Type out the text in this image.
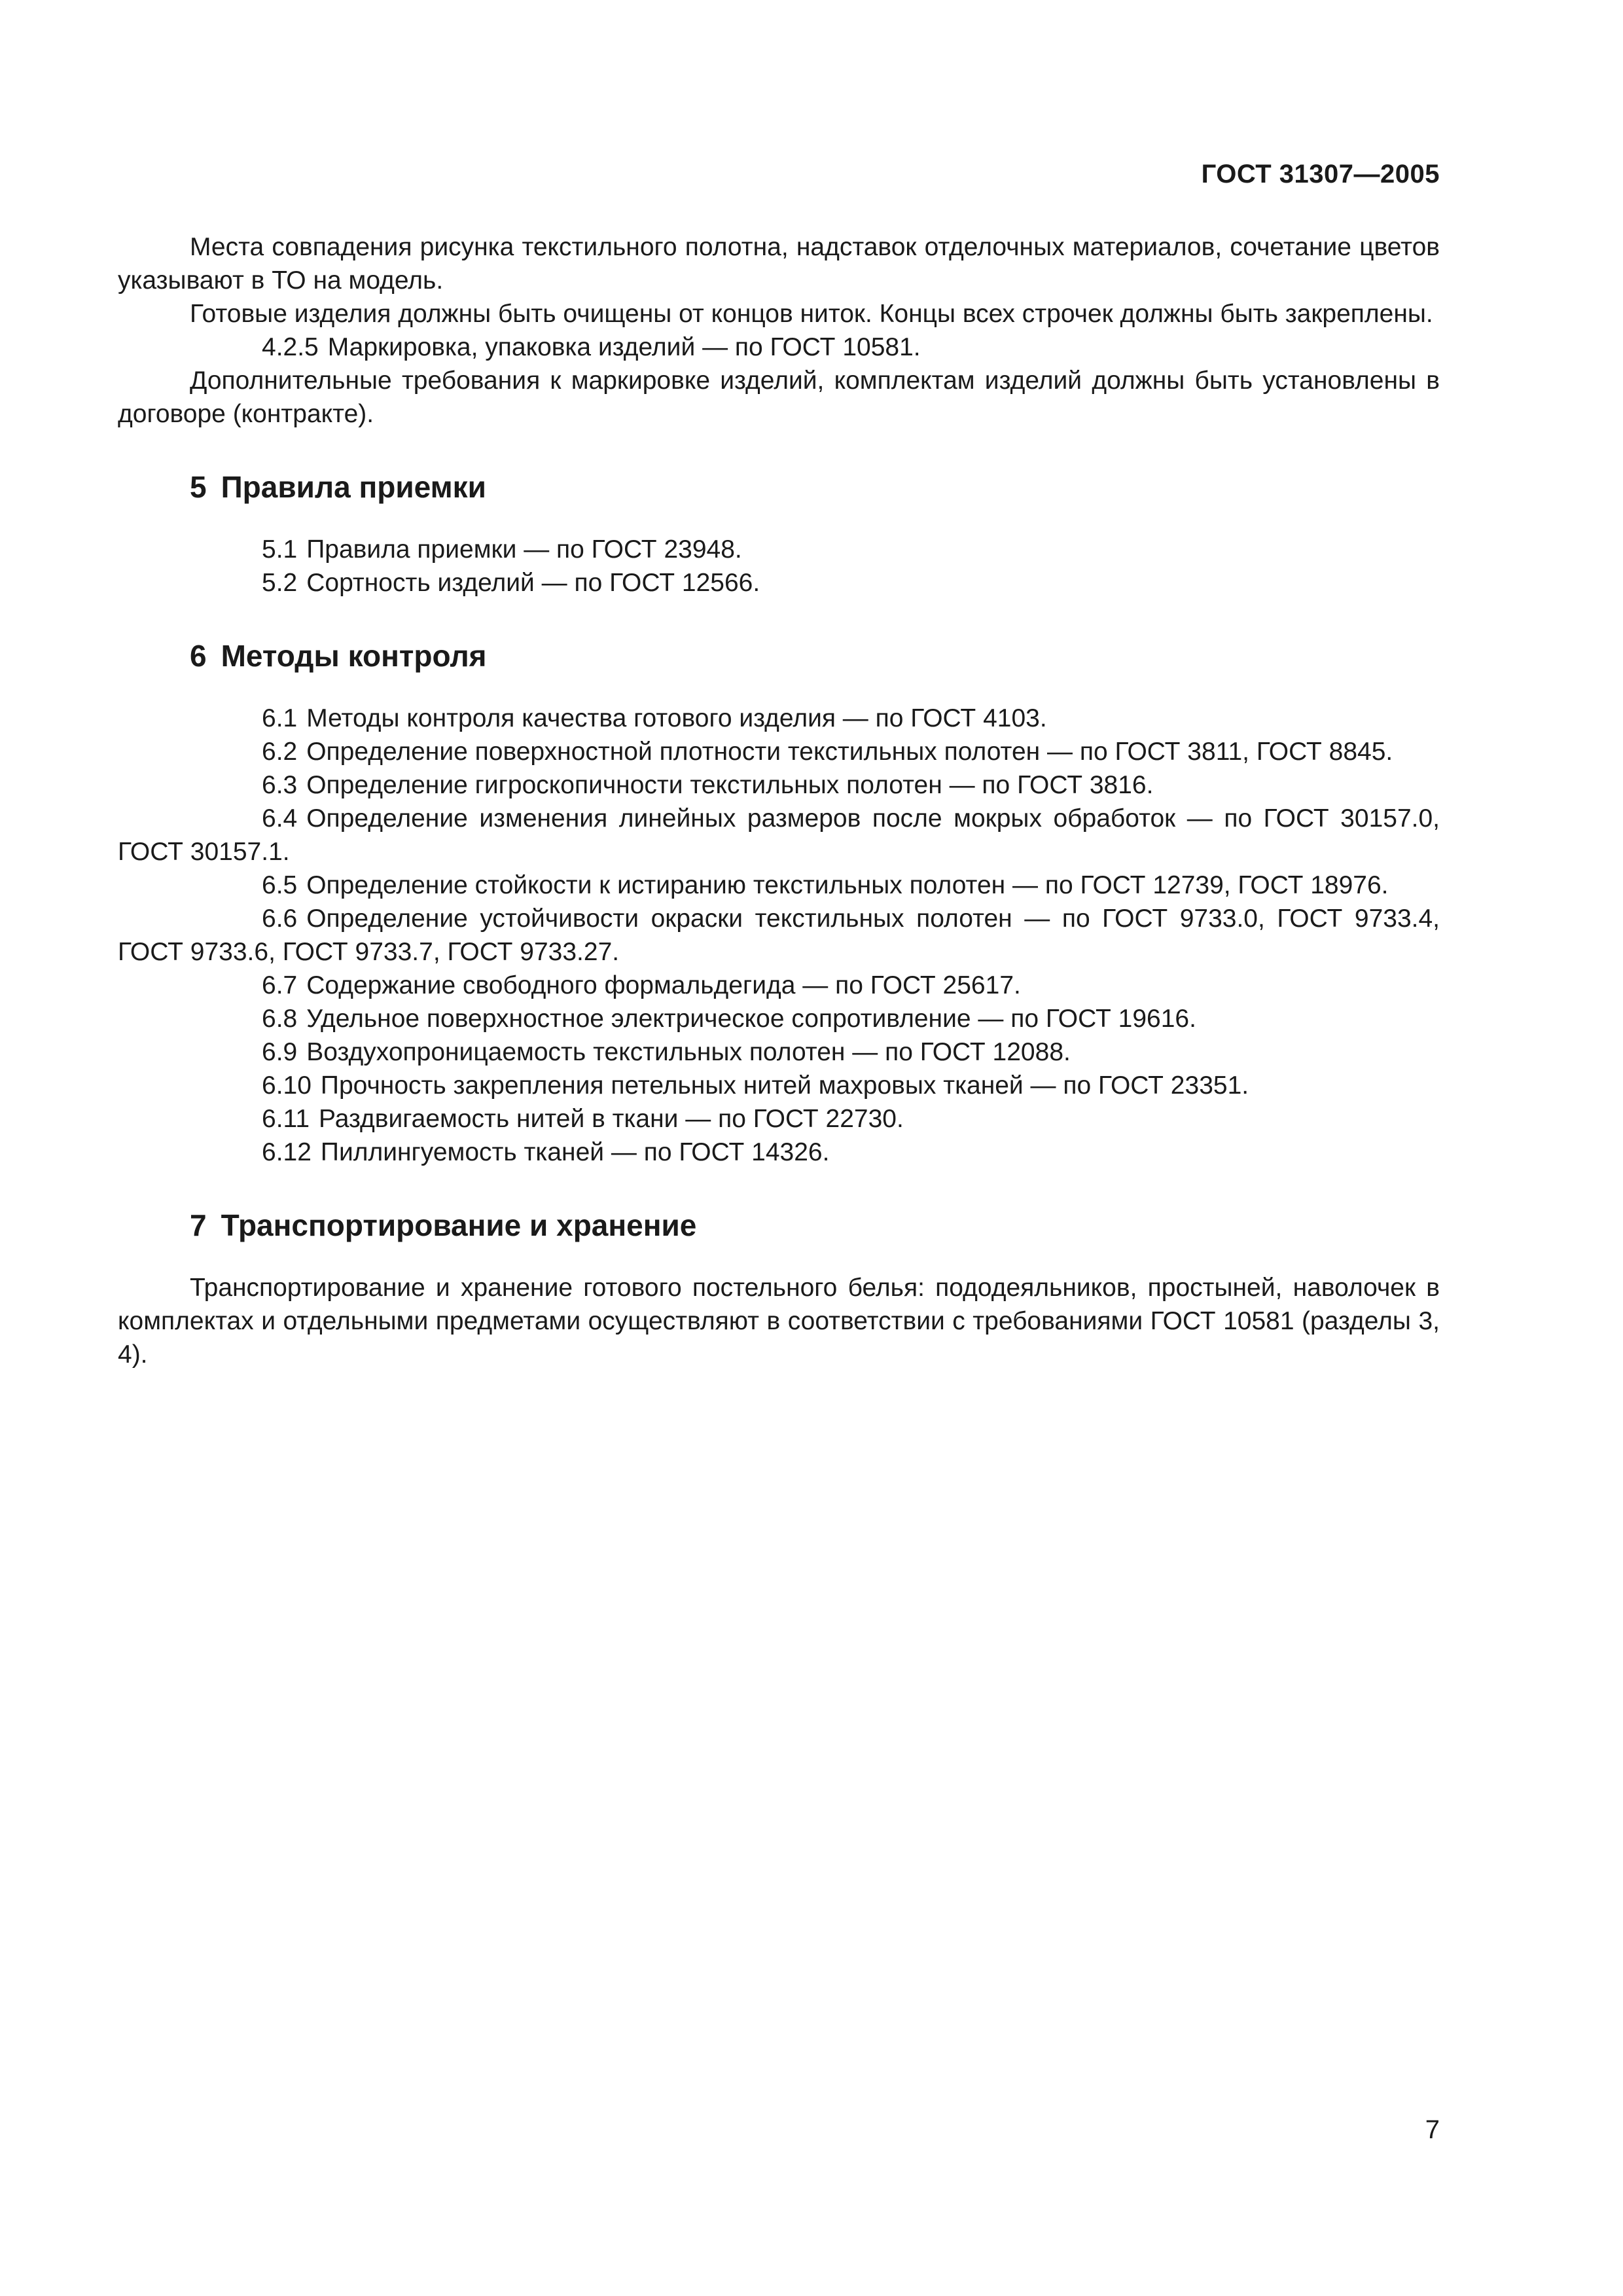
ГОСТ 31307—2005

Места совпадения рисунка текстильного полотна, надставок отделочных материалов, сочетание цветов указывают в ТО на модель.

Готовые изделия должны быть очищены от концов ниток. Концы всех строчек должны быть закреплены.

4.2.5 Маркировка, упаковка изделий — по ГОСТ 10581.

Дополнительные требования к маркировке изделий, комплектам изделий должны быть установлены в договоре (контракте).

5 Правила приемки

5.1 Правила приемки — по ГОСТ 23948.

5.2 Сортность изделий — по ГОСТ 12566.

6 Методы контроля

6.1 Методы контроля качества готового изделия — по ГОСТ 4103.

6.2 Определение поверхностной плотности текстильных полотен — по ГОСТ 3811, ГОСТ 8845.

6.3 Определение гигроскопичности текстильных полотен — по ГОСТ 3816.

6.4 Определение изменения линейных размеров после мокрых обработок — по ГОСТ 30157.0, ГОСТ 30157.1.

6.5 Определение стойкости к истиранию текстильных полотен — по ГОСТ 12739, ГОСТ 18976.

6.6 Определение устойчивости окраски текстильных полотен — по ГОСТ 9733.0, ГОСТ 9733.4, ГОСТ 9733.6, ГОСТ 9733.7, ГОСТ 9733.27.

6.7 Содержание свободного формальдегида — по ГОСТ 25617.

6.8 Удельное поверхностное электрическое сопротивление — по ГОСТ 19616.

6.9 Воздухопроницаемость текстильных полотен — по ГОСТ 12088.

6.10 Прочность закрепления петельных нитей махровых тканей — по ГОСТ 23351.

6.11 Раздвигаемость нитей в ткани — по ГОСТ 22730.

6.12 Пиллингуемость тканей — по ГОСТ 14326.

7 Транспортирование и хранение

Транспортирование и хранение готового постельного белья: пододеяльников, простыней, наволочек в комплектах и отдельными предметами осуществляют в соответствии с требованиями ГОСТ 10581 (разделы 3, 4).

7
